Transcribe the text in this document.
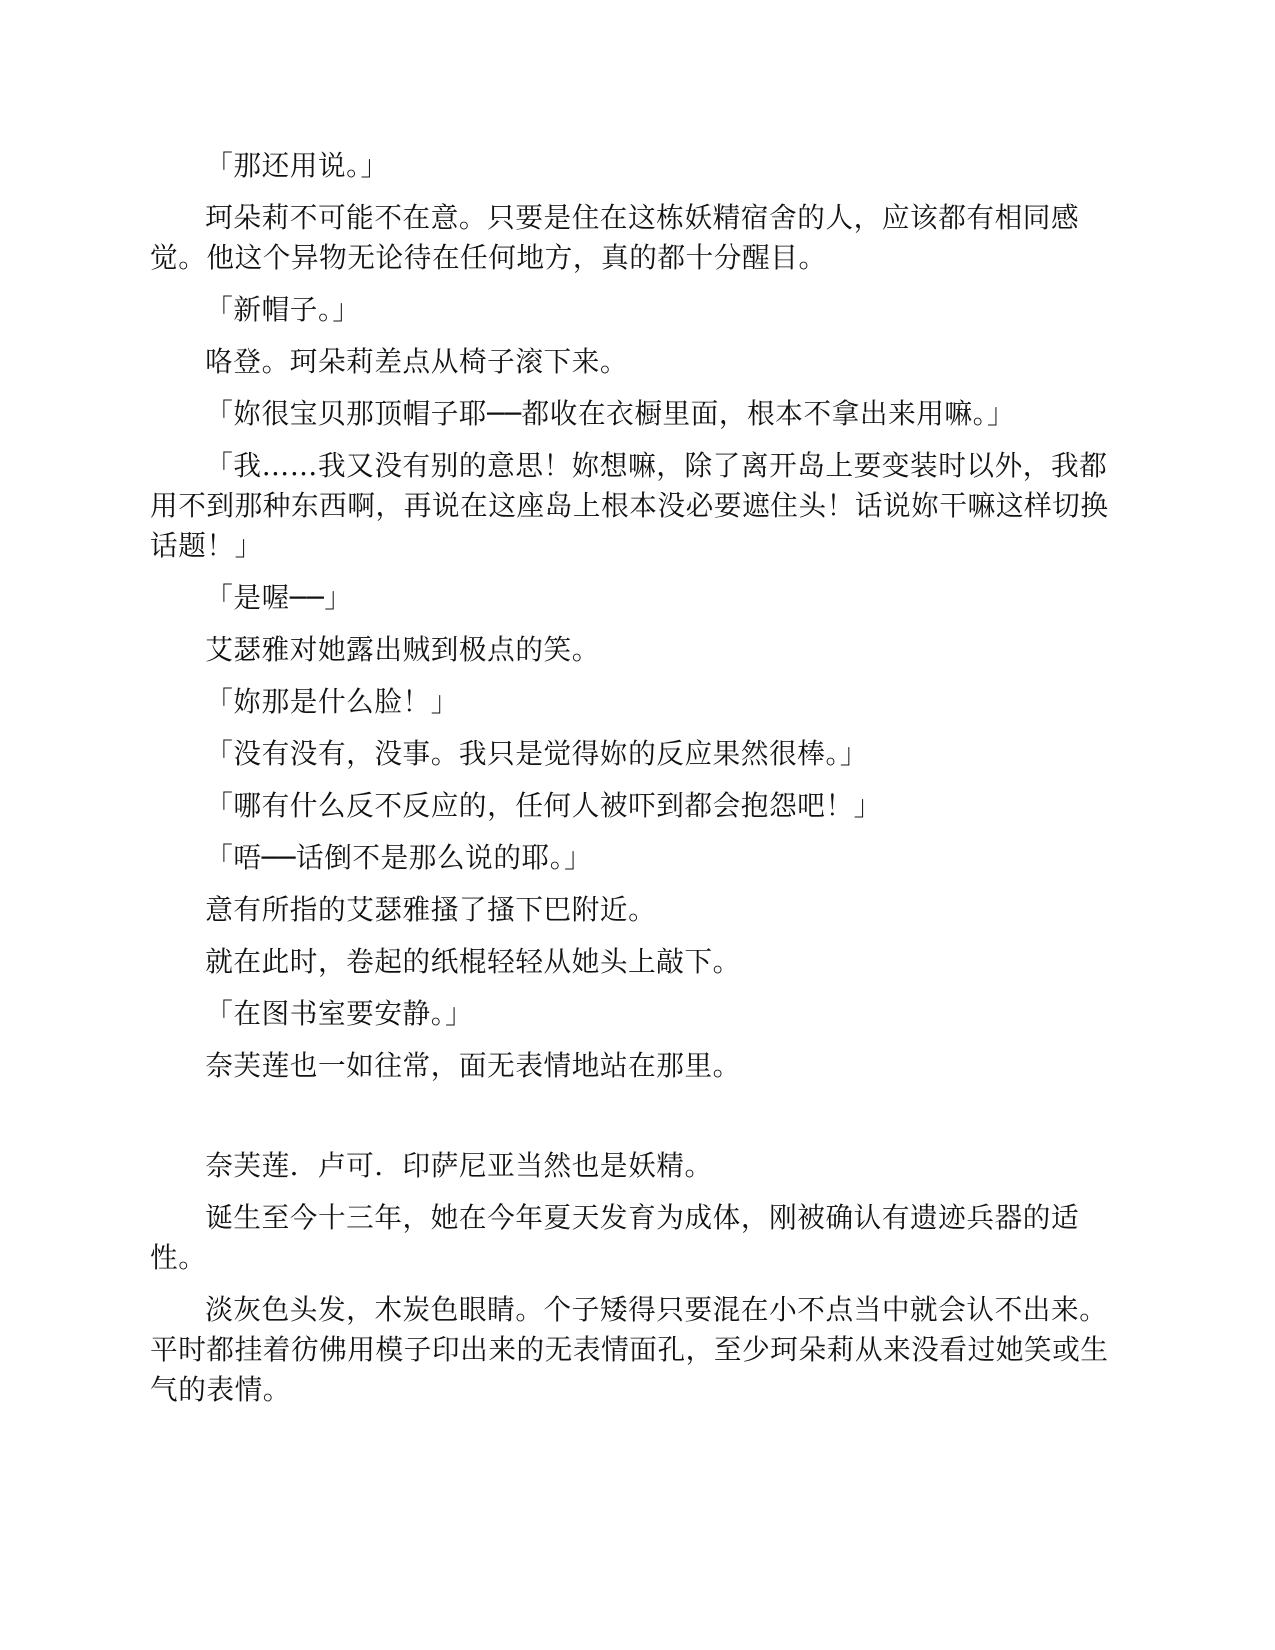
「那还用说。」

珂朵莉不可能不在意。只要是住在这栋妖精宿舍的人，应该都有相同感觉。他这个异物无论待在任何地方，真的都十分醒目。

「新帽子。」

咯登。珂朵莉差点从椅子滚下来。

「妳很宝贝那顶帽子耶──都收在衣橱里面，根本不拿出来用嘛。」

「我……我又没有别的意思！妳想嘛，除了离开岛上要变装时以外，我都用不到那种东西啊，再说在这座岛上根本没必要遮住头！话说妳干嘛这样切换话题！」

「是喔──」

艾瑟雅对她露出贼到极点的笑。

「妳那是什么脸！」

「没有没有，没事。我只是觉得妳的反应果然很棒。」

「哪有什么反不反应的，任何人被吓到都会抱怨吧！」

「唔──话倒不是那么说的耶。」

意有所指的艾瑟雅搔了搔下巴附近。

就在此时，卷起的纸棍轻轻从她头上敲下。

「在图书室要安静。」

奈芙莲也一如往常，面无表情地站在那里。

奈芙莲．卢可．印萨尼亚当然也是妖精。

诞生至今十三年，她在今年夏天发育为成体，刚被确认有遗迹兵器的适性。

淡灰色头发，木炭色眼睛。个子矮得只要混在小不点当中就会认不出来。平时都挂着彷佛用模子印出来的无表情面孔，至少珂朵莉从来没看过她笑或生气的表情。
